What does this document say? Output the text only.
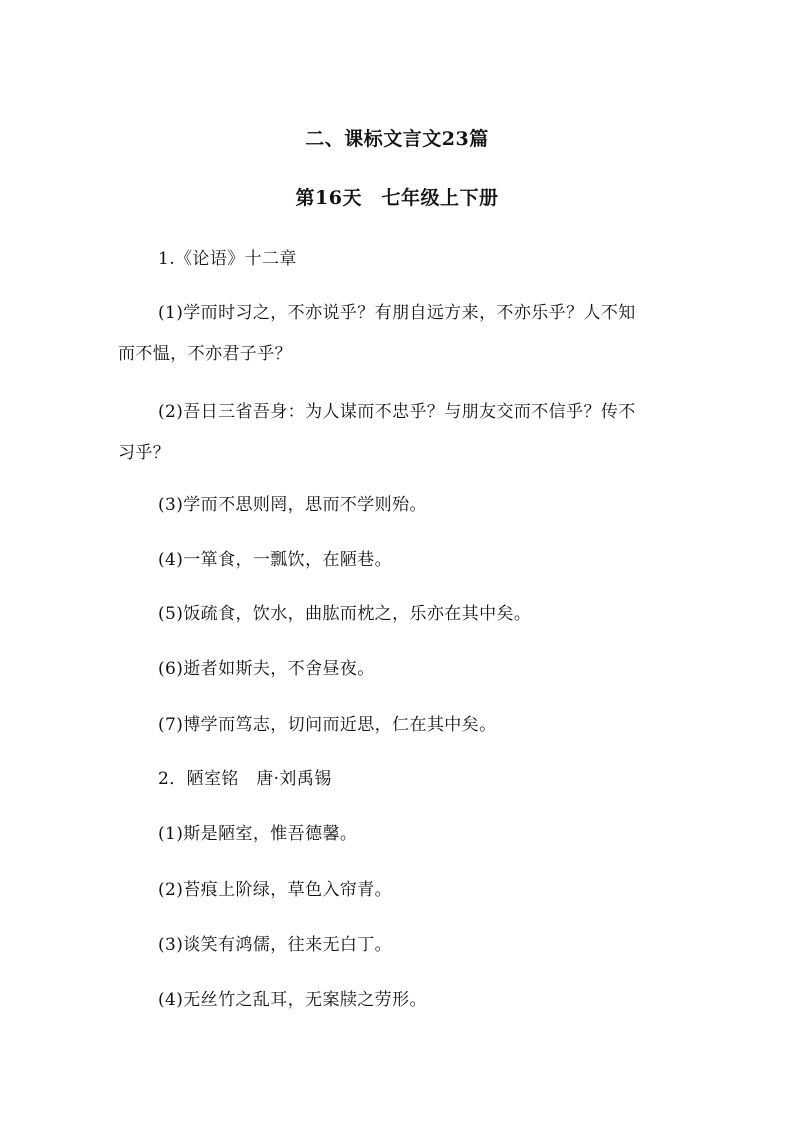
二、课标文言文23篇
第16天　七年级上下册
1.《论语》十二章
(1)学而时习之，不亦说乎？有朋自远方来，不亦乐乎？人不知
而不愠，不亦君子乎？
(2)吾日三省吾身：为人谋而不忠乎？与朋友交而不信乎？传不
习乎？
(3)学而不思则罔，思而不学则殆。
(4)一箪食，一瓢饮，在陋巷。
(5)饭疏食，饮水，曲肱而枕之，乐亦在其中矣。
(6)逝者如斯夫，不舍昼夜。
(7)博学而笃志，切问而近思，仁在其中矣。
2．陋室铭　唐·刘禹锡
(1)斯是陋室，惟吾德馨。
(2)苔痕上阶绿，草色入帘青。
(3)谈笑有鸿儒，往来无白丁。
(4)无丝竹之乱耳，无案牍之劳形。
